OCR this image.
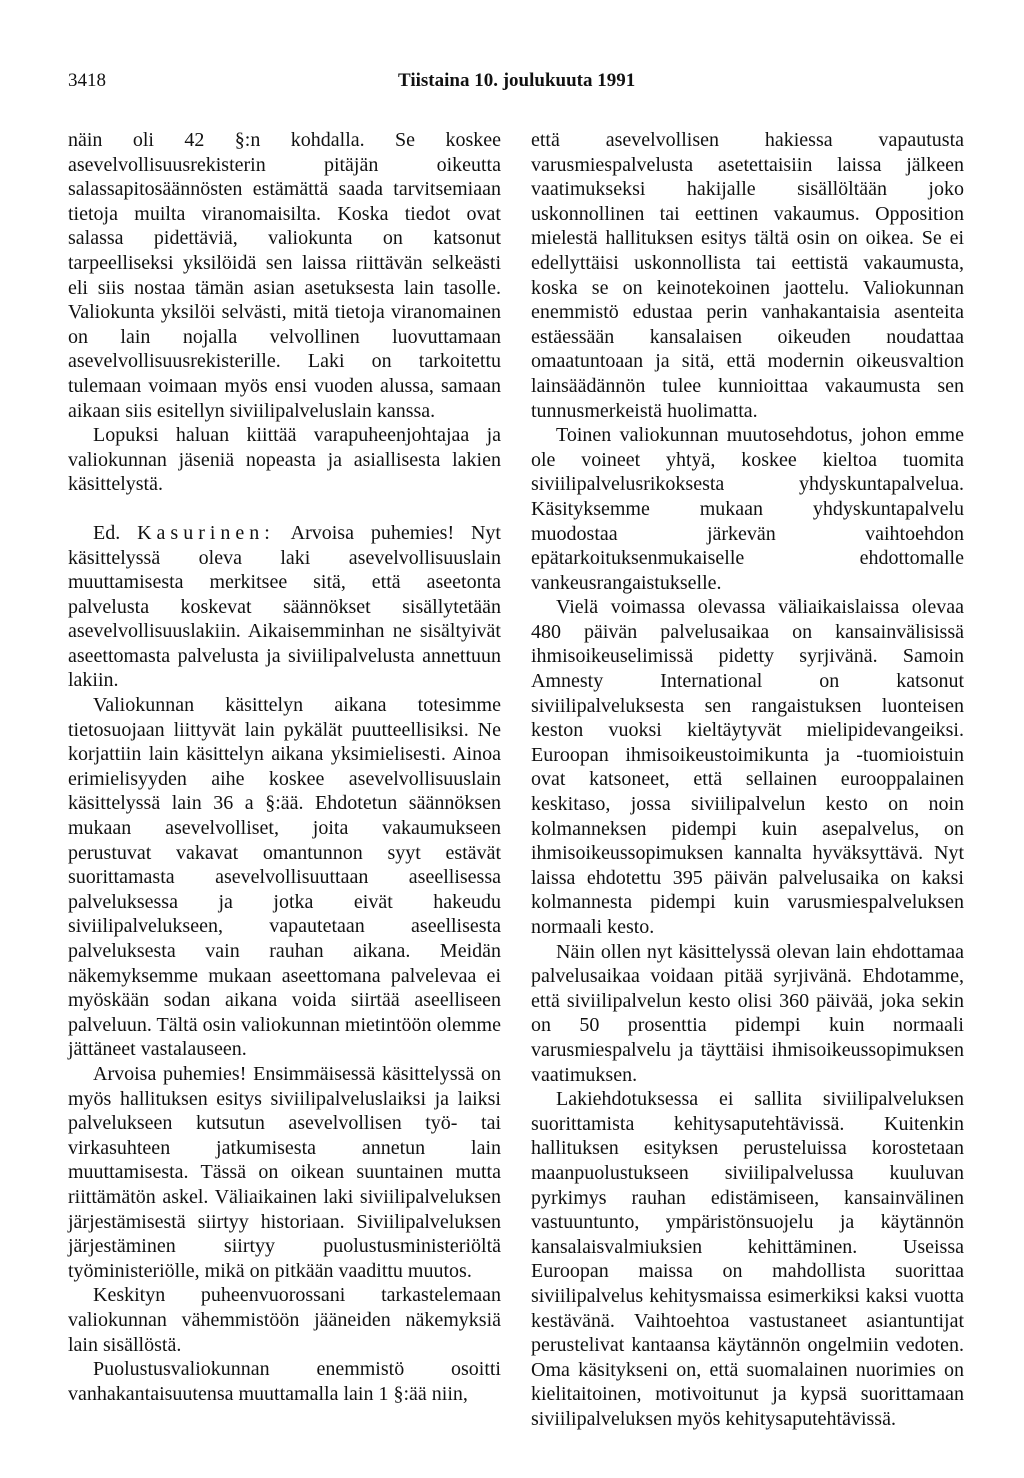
3418	Tiistaina 10. joulukuuta 1991

näin oli 42 §:n kohdalla. Se koskee asevelvollisuusrekisterin pitäjän oikeutta salassapitosäännösten estämättä saada tarvitsemiaan tietoja muilta viranomaisilta. Koska tiedot ovat salassa pidettäviä, valiokunta on katsonut tarpeelliseksi yksilöidä sen laissa riittävän selkeästi eli siis nostaa tämän asian asetuksesta lain tasolle. Valiokunta yksilöi selvästi, mitä tietoja viranomainen on lain nojalla velvollinen luovuttamaan asevelvollisuusrekisterille. Laki on tarkoitettu tulemaan voimaan myös ensi vuoden alussa, samaan aikaan siis esitellyn siviilipalveluslain kanssa.

Lopuksi haluan kiittää varapuheenjohtajaa ja valiokunnan jäseniä nopeasta ja asiallisesta lakien käsittelystä.

Ed. Kasurinen: Arvoisa puhemies! Nyt käsittelyssä oleva laki asevelvollisuuslain muuttamisesta merkitsee sitä, että aseetonta palvelusta koskevat säännökset sisällytetään asevelvollisuuslakiin. Aikaisemminhan ne sisältyivät aseettomasta palvelusta ja siviilipalvelusta annettuun lakiin.

Valiokunnan käsittelyn aikana totesimme tietosuojaan liittyvät lain pykälät puutteellisiksi. Ne korjattiin lain käsittelyn aikana yksimielisesti. Ainoa erimielisyyden aihe koskee asevelvollisuuslain käsittelyssä lain 36 a §:ää. Ehdotetun säännöksen mukaan asevelvolliset, joita vakaumukseen perustuvat vakavat omantunnon syyt estävät suorittamasta asevelvollisuuttaan aseellisessa palveluksessa ja jotka eivät hakeudu siviilipalvelukseen, vapautetaan aseellisesta palveluksesta vain rauhan aikana. Meidän näkemyksemme mukaan aseettomana palvelevaa ei myöskään sodan aikana voida siirtää aseelliseen palveluun. Tältä osin valiokunnan mietintöön olemme jättäneet vastalauseen.

Arvoisa puhemies! Ensimmäisessä käsittelyssä on myös hallituksen esitys siviilipalveluslaiksi ja laiksi palvelukseen kutsutun asevelvollisen työ- tai virkasuhteen jatkumisesta annetun lain muuttamisesta. Tässä on oikean suuntainen mutta riittämätön askel. Väliaikainen laki siviilipalveluksen järjestämisestä siirtyy historiaan. Siviilipalveluksen järjestäminen siirtyy puolustusministeriöltä työministeriölle, mikä on pitkään vaadittu muutos.

Keskityn puheenvuorossani tarkastelemaan valiokunnan vähemmistöön jääneiden näkemyksiä lain sisällöstä.

Puolustusvaliokunnan enemmistö osoitti vanhakantaisuutensa muuttamalla lain 1 §:ää niin,

että asevelvollisen hakiessa vapautusta varusmiespalvelusta asetettaisiin laissa jälkeen vaatimukseksi hakijalle sisällöltään joko uskonnollinen tai eettinen vakaumus. Opposition mielestä hallituksen esitys tältä osin on oikea. Se ei edellyttäisi uskonnollista tai eettistä vakaumusta, koska se on keinotekoinen jaottelu. Valiokunnan enemmistö edustaa perin vanhakantaisia asenteita estäessään kansalaisen oikeuden noudattaa omaatuntoaan ja sitä, että modernin oikeusvaltion lainsäädännön tulee kunnioittaa vakaumusta sen tunnusmerkeistä huolimatta.

Toinen valiokunnan muutosehdotus, johon emme ole voineet yhtyä, koskee kieltoa tuomita siviilipalvelusrikoksesta yhdyskuntapalvelua. Käsityksemme mukaan yhdyskuntapalvelu muodostaa järkevän vaihtoehdon epätarkoituksenmukaiselle ehdottomalle vankeusrangaistukselle.

Vielä voimassa olevassa väliaikaislaissa olevaa 480 päivän palvelusaikaa on kansainvälisissä ihmisoikeuselimissä pidetty syrjivänä. Samoin Amnesty International on katsonut siviilipalveluksesta sen rangaistuksen luonteisen keston vuoksi kieltäytyvät mielipidevangeiksi. Euroopan ihmisoikeustoimikunta ja -tuomioistuin ovat katsoneet, että sellainen eurooppalainen keskitaso, jossa siviilipalvelun kesto on noin kolmanneksen pidempi kuin asepalvelus, on ihmisoikeussopimuksen kannalta hyväksyttävä. Nyt laissa ehdotettu 395 päivän palvelusaika on kaksi kolmannesta pidempi kuin varusmiespalveluksen normaali kesto.

Näin ollen nyt käsittelyssä olevan lain ehdottamaa palvelusaikaa voidaan pitää syrjivänä. Ehdotamme, että siviilipalvelun kesto olisi 360 päivää, joka sekin on 50 prosenttia pidempi kuin normaali varusmiespalvelu ja täyttäisi ihmisoikeussopimuksen vaatimuksen.

Lakiehdotuksessa ei sallita siviilipalveluksen suorittamista kehitysaputehtävissä. Kuitenkin hallituksen esityksen perusteluissa korostetaan maanpuolustukseen siviilipalvelussa kuuluvan pyrkimys rauhan edistämiseen, kansainvälinen vastuuntunto, ympäristönsuojelu ja käytännön kansalaisvalmiuksien kehittäminen. Useissa Euroopan maissa on mahdollista suorittaa siviilipalvelus kehitysmaissa esimerkiksi kaksi vuotta kestävänä. Vaihtoehtoa vastustaneet asiantuntijat perustelivat kantaansa käytännön ongelmiin vedoten. Oma käsitykseni on, että suomalainen nuorimies on kielitaitoinen, motivoitunut ja kypsä suorittamaan siviilipalveluksen myös kehitysaputehtävissä.
